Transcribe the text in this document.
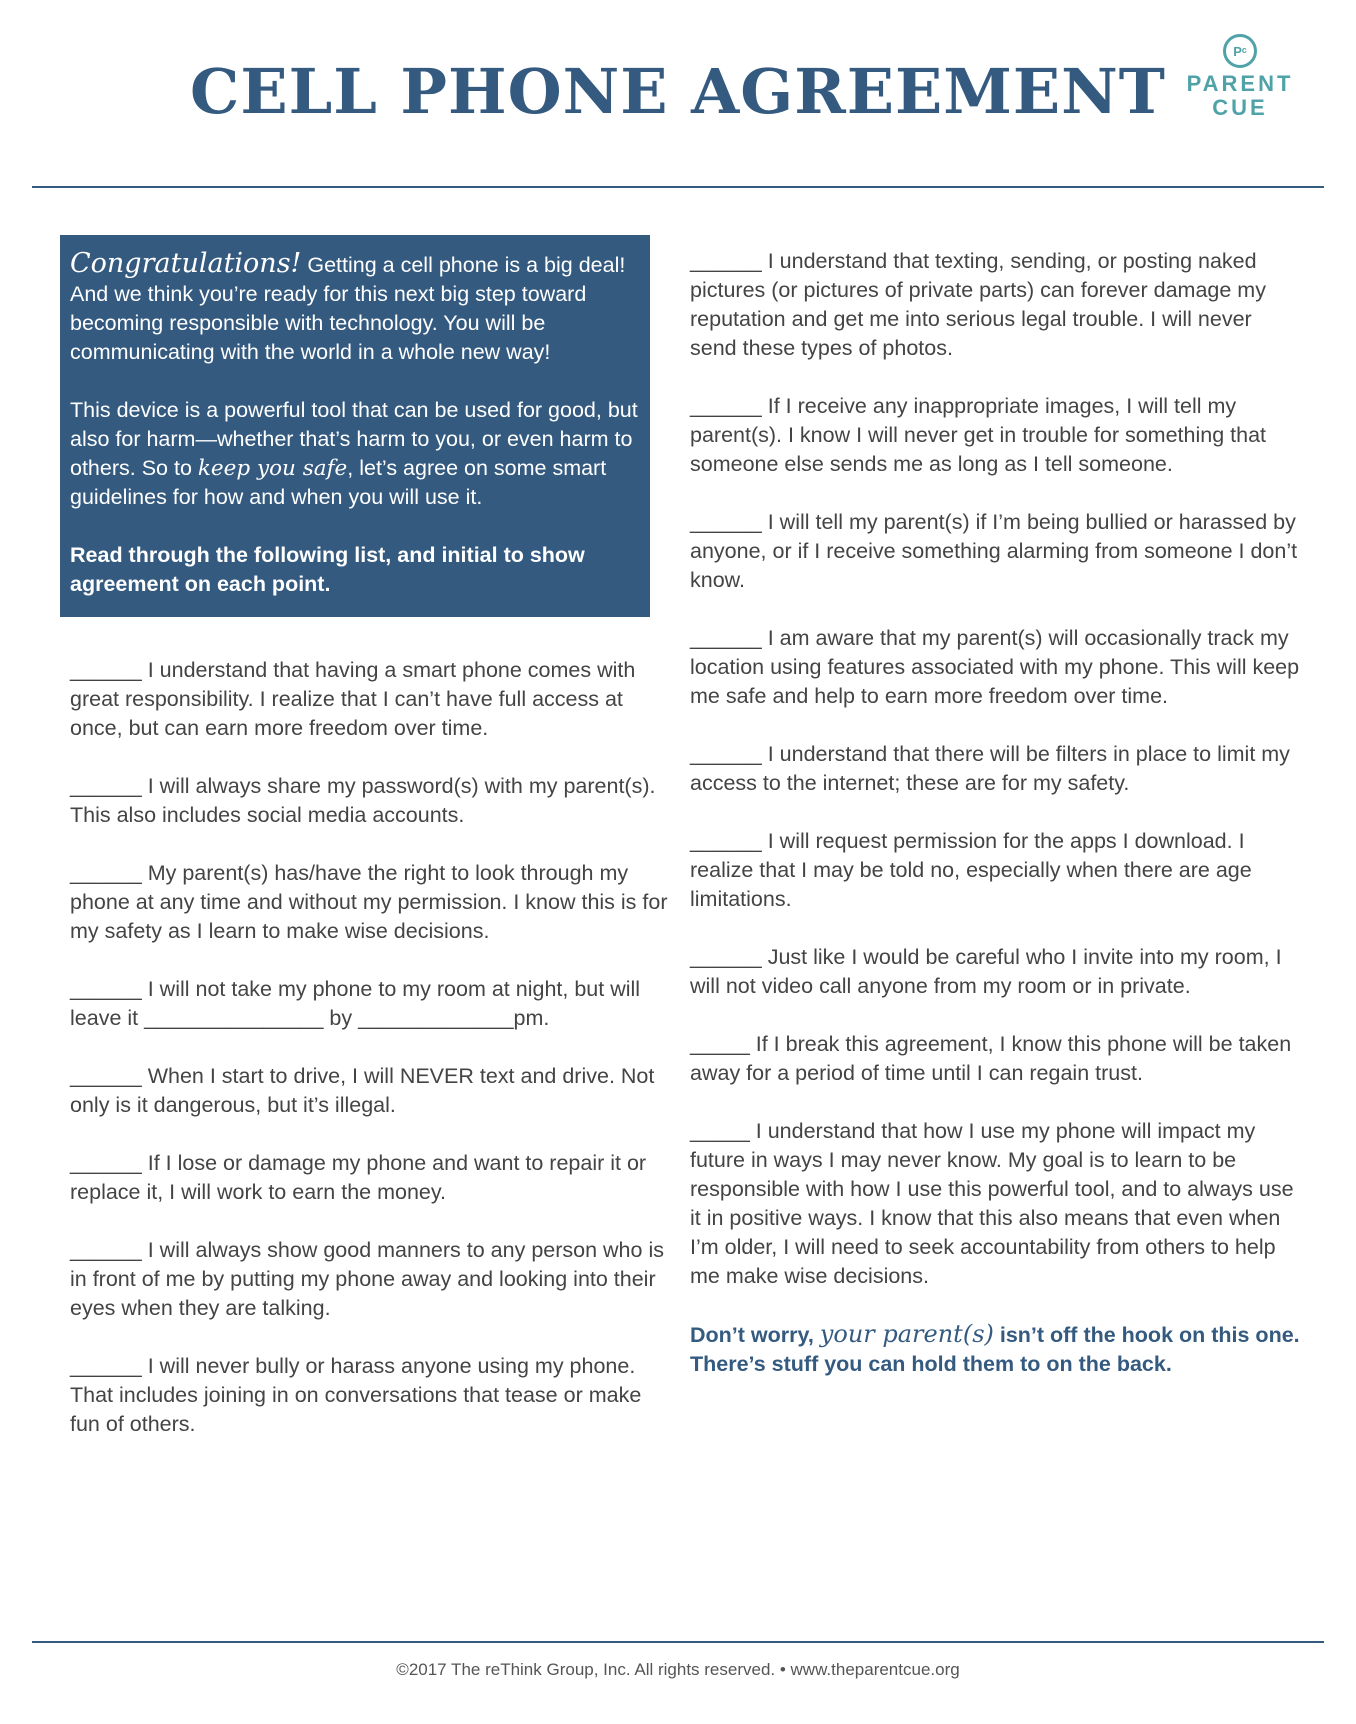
CELL PHONE AGREEMENT
Pᶜ
PARENT
CUE

Congratulations! Getting a cell phone is a big deal! And we think you’re ready for this next big step toward becoming responsible with technology. You will be communicating with the world in a whole new way!

This device is a powerful tool that can be used for good, but also for harm—whether that’s harm to you, or even harm to others. So to keep you safe, let’s agree on some smart guidelines for how and when you will use it.

Read through the following list, and initial to show agreement on each point.

______ I understand that having a smart phone comes with great responsibility. I realize that I can’t have full access at once, but can earn more freedom over time.

______ I will always share my password(s) with my parent(s). This also includes social media accounts.

______ My parent(s) has/have the right to look through my phone at any time and without my permission. I know this is for my safety as I learn to make wise decisions.

______ I will not take my phone to my room at night, but will leave it _______________ by _____________pm.

______ When I start to drive, I will NEVER text and drive. Not only is it dangerous, but it’s illegal.

______ If I lose or damage my phone and want to repair it or replace it, I will work to earn the money.

______ I will always show good manners to any person who is in front of me by putting my phone away and looking into their eyes when they are talking.

______ I will never bully or harass anyone using my phone. That includes joining in on conversations that tease or make fun of others.

______ I understand that texting, sending, or posting naked pictures (or pictures of private parts) can forever damage my reputation and get me into serious legal trouble. I will never send these types of photos.

______ If I receive any inappropriate images, I will tell my parent(s). I know I will never get in trouble for something that someone else sends me as long as I tell someone.

______ I will tell my parent(s) if I’m being bullied or harassed by anyone, or if I receive something alarming from someone I don’t know.

______ I am aware that my parent(s) will occasionally track my location using features associated with my phone. This will keep me safe and help to earn more freedom over time.

______ I understand that there will be filters in place to limit my access to the internet; these are for my safety.

______ I will request permission for the apps I download. I realize that I may be told no, especially when there are age limitations.

______ Just like I would be careful who I invite into my room, I will not video call anyone from my room or in private.

_____ If I break this agreement, I know this phone will be taken away for a period of time until I can regain trust.

_____ I understand that how I use my phone will impact my future in ways I may never know. My goal is to learn to be responsible with how I use this powerful tool, and to always use it in positive ways. I know that this also means that even when I’m older, I will need to seek accountability from others to help me make wise decisions.

Don’t worry, your parent(s) isn’t off the hook on this one. There’s stuff you can hold them to on the back.

©2017 The reThink Group, Inc. All rights reserved. • www.theparentcue.org
